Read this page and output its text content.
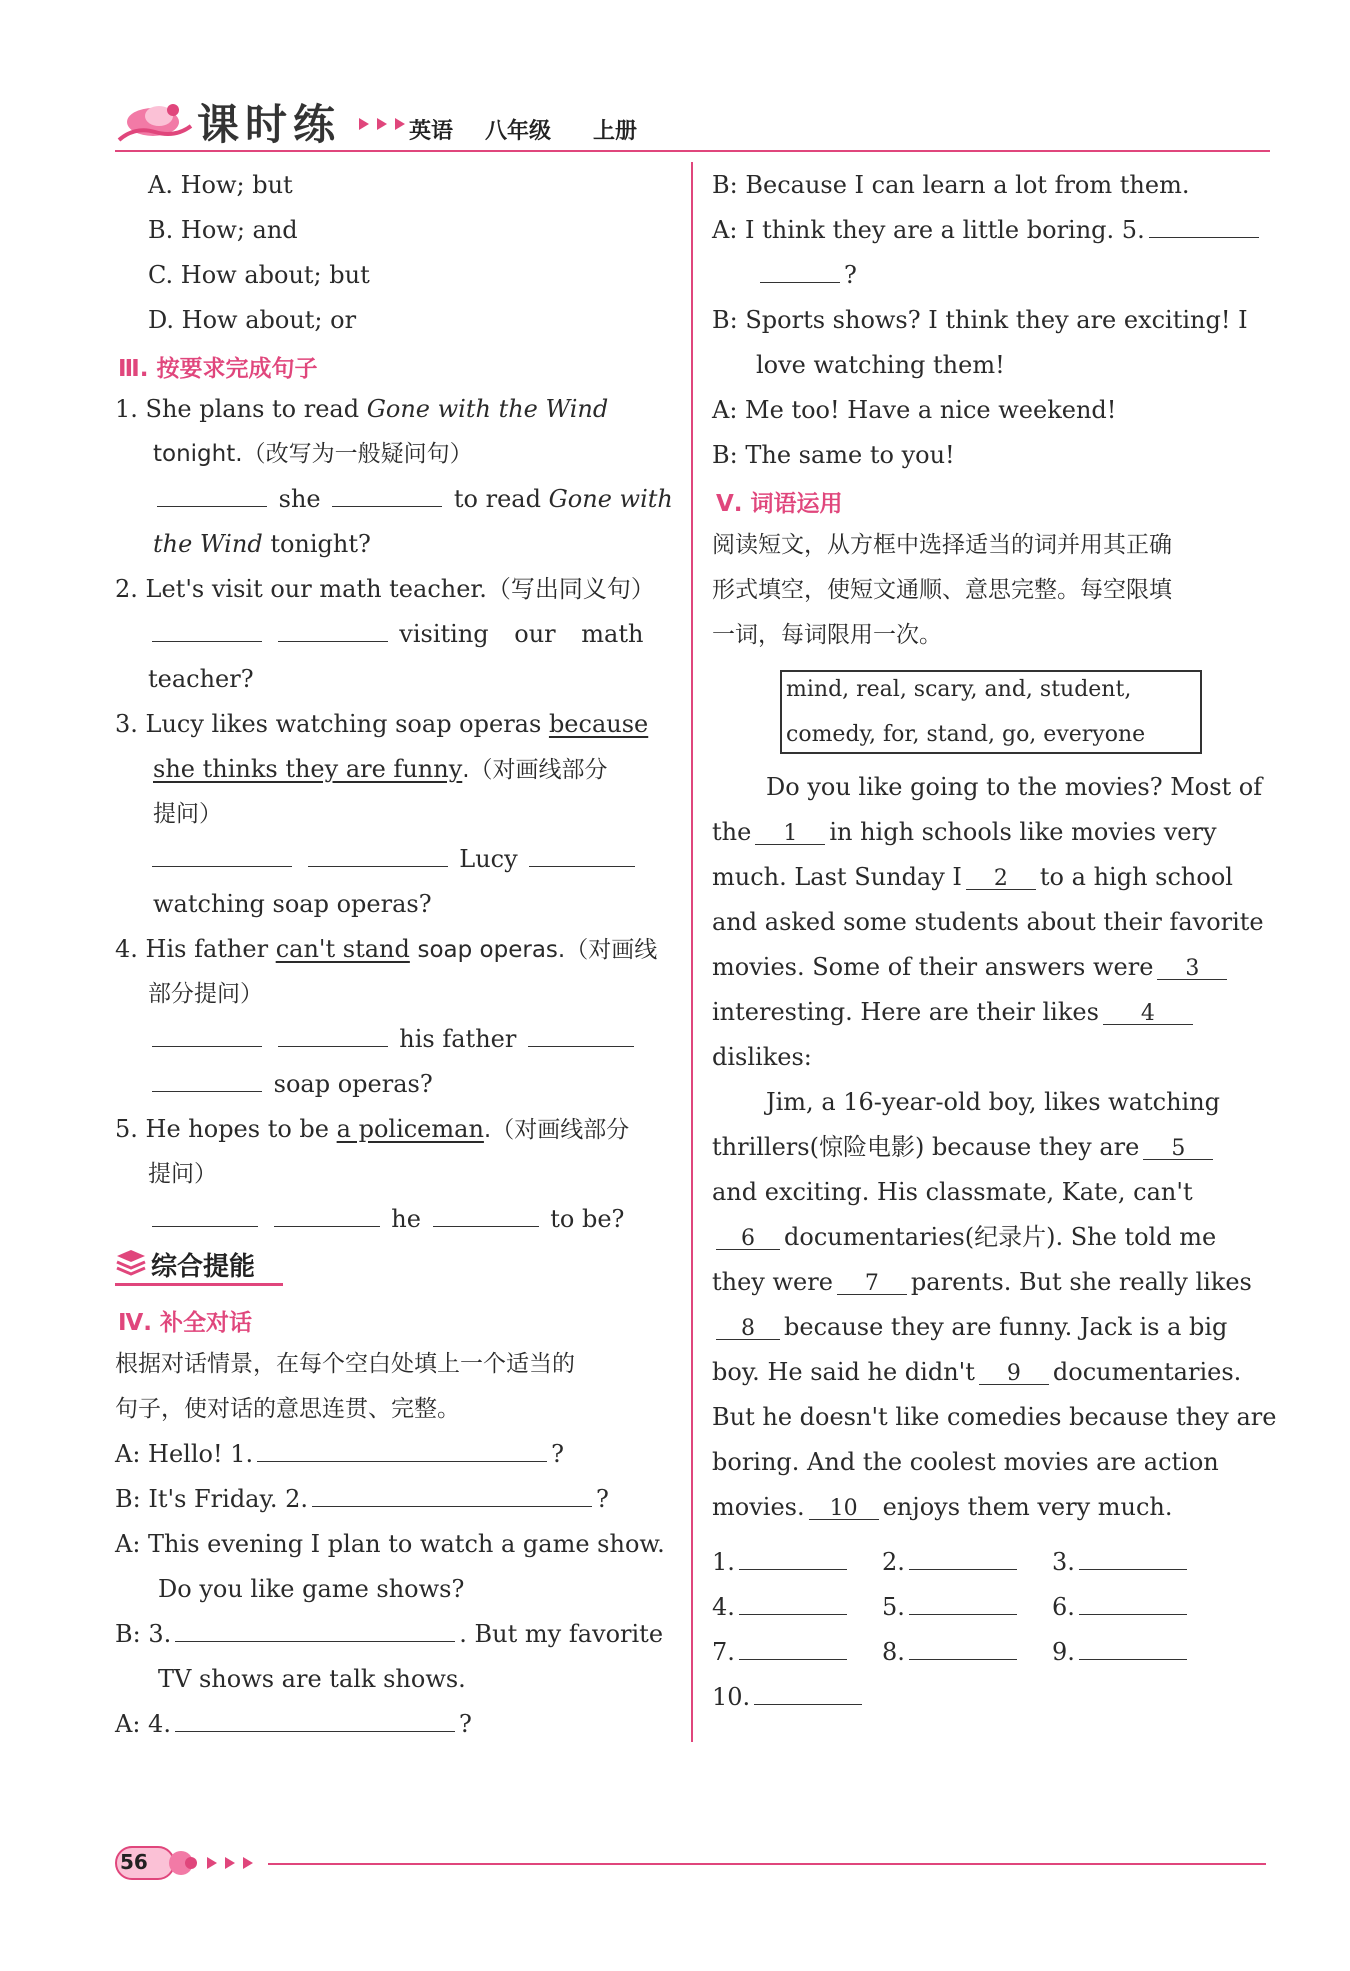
课时练	英语 八年级 上册
A. How; but
B. How; and
C. How about; but
D. How about; or
Ⅲ. 按要求完成句子
1. She plans to read Gone with the Wind
tonight.（改写为一般疑问句）
she	to read Gone with
the Wind tonight?
2. Let's visit our math teacher.（写出同义句）
visiting our math
teacher?
3. Lucy likes watching soap operas because
she thinks they are funny.（对画线部分
提问）
Lucy
watching soap operas?
4. His father can't stand soap operas.（对画线
部分提问）
his father
soap operas?
5. He hopes to be a policeman.（对画线部分
提问）
he	to be?
综合提能
Ⅳ. 补全对话
根据对话情景，在每个空白处填上一个适当的
句子，使对话的意思连贯、完整。
A: Hello! 1.	?
B: It's Friday. 2.	?
A: This evening I plan to watch a game show.
Do you like game shows?
B: 3.	. But my favorite
TV shows are talk shows.
A: 4.	?
B: Because I can learn a lot from them.
A: I think they are a little boring. 5.
?
B: Sports shows? I think they are exciting! I
love watching them!
A: Me too! Have a nice weekend!
B: The same to you!
Ⅴ. 词语运用
阅读短文，从方框中选择适当的词并用其正确
形式填空，使短文通顺、意思完整。每空限填
一词，每词限用一次。
mind, real, scary, and, student,
comedy, for, stand, go, everyone
Do you like going to the movies? Most of
the 1 in high schools like movies very
much. Last Sunday I 2 to a high school
and asked some students about their favorite
movies. Some of their answers were 3
interesting. Here are their likes 4
dislikes:
Jim, a 16-year-old boy, likes watching
thrillers(惊险电影) because they are 5
and exciting. His classmate, Kate, can't
6 documentaries(纪录片). She told me
they were 7 parents. But she really likes
8 because they are funny. Jack is a big
boy. He said he didn't 9 documentaries.
But he doesn't like comedies because they are
boring. And the coolest movies are action
movies. 10 enjoys them very much.
1.	2.	3.
4.	5.	6.
7.	8.	9.
10.
56
